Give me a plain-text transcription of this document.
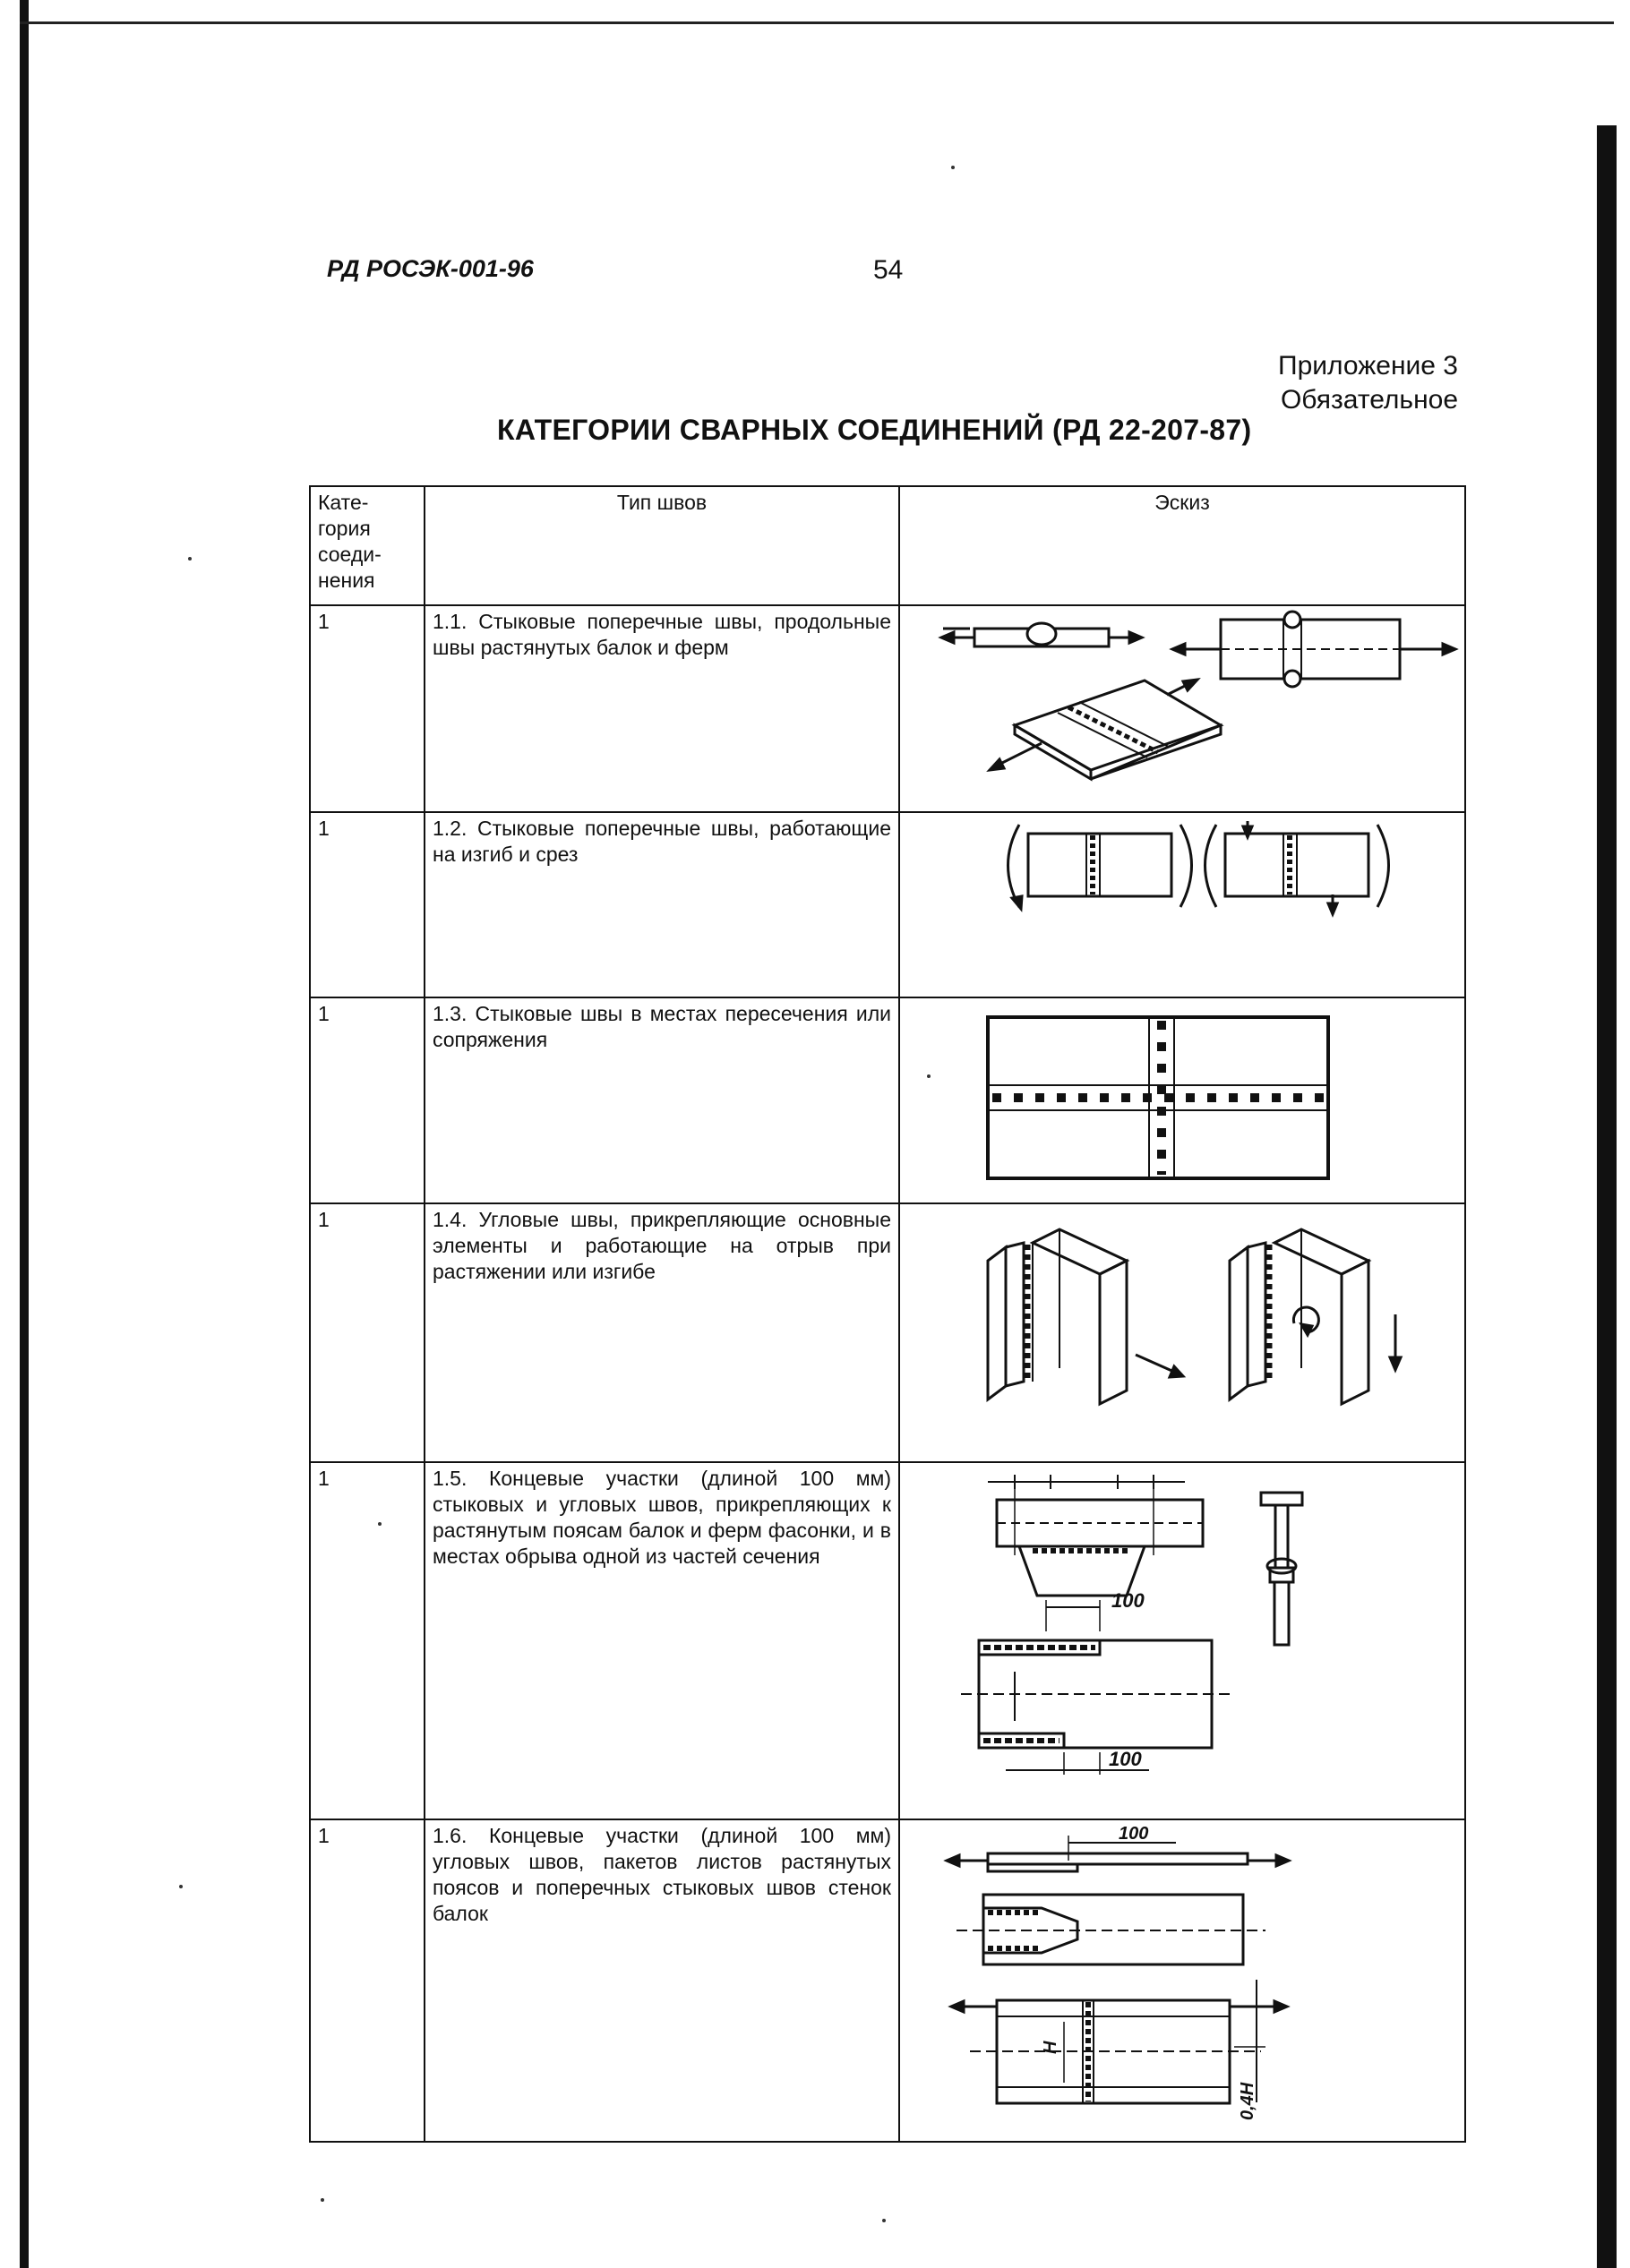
РД РОСЭК-001-96	54
Приложение 3
Обязательное
КАТЕГОРИИ СВАРНЫХ СОЕДИНЕНИЙ (РД 22-207-87)
Кате-
гория
соеди-
нения	Тип швов	Эскиз
1	1.1. Стыковые поперечные швы, продольные швы растянутых балок и ферм	

1	1.2. Стыковые поперечные швы, работающие на изгиб и срез	

1	1.3. Стыковые швы в местах пересечения или сопряжения	

1	1.4. Угловые швы, прикрепляющие основные элементы и работающие на отрыв при растяжении или изгибе	

1	1.5. Концевые участки (длиной 100 мм) стыковых и угловых швов, прикрепляющих к растянутым поясам балок и ферм фасонки, и в местах обрыва одной из частей сечения	100
100

1	1.6. Концевые участки (длиной 100 мм) угловых швов, пакетов листов растянутых поясов и поперечных стыковых швов стенок балок	100
H
0,4H
